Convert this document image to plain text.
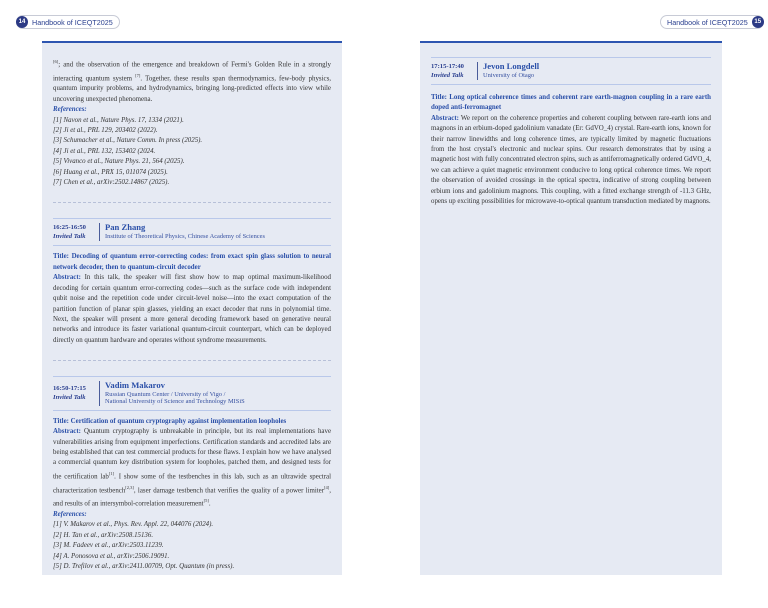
14 Handbook of ICEQT2025	Handbook of ICEQT2025	15

[6]; and the observation of the emergence and breakdown of Fermi's Golden Rule in a strongly interacting quantum system [7]. Together, these results span thermodynamics, few-body physics, quantum impurity problems, and hydrodynamics, bringing long-predicted effects into view while uncovering unexpected phenomena.

References:
[1] Navon et al., Nature Phys. 17, 1334 (2021).
[2] Ji et al., PRL 129, 203402 (2022).
[3] Schumacher et al., Nature Comm. In press (2025).
[4] Ji et al., PRL 132, 153402 (2024.
[5] Vivanco et al., Nature Phys. 21, 564 (2025).
[6] Huang et al., PRX 15, 011074 (2025).
[7] Chen et al., arXiv:2502.14867 (2025).
16:25-16:50
Invited Talk
Pan Zhang
Institute of Theoretical Physics, Chinese Academy of Sciences

Title: Decoding of quantum error-correcting codes: from exact spin glass solution to neural network decoder, then to quantum-circuit decoder

Abstract: In this talk, the speaker will first show how to map optimal maximum-likelihood decoding for certain quantum error-correcting codes—such as the surface code with independent qubit noise and the repetition code under circuit-level noise—into the exact computation of the partition function of planar spin glasses, yielding an exact decoder that runs in polynomial time. Next, the speaker will present a more general decoding framework based on generative neural networks and introduce its faster variational quantum-circuit counterpart, which can be deployed directly on quantum hardware and operates without syndrome measurements.

16:50-17:15
Invited Talk
Vadim Makarov
Russian Quantum Center / University of Vigo /
National University of Science and Technology MISiS

Title: Certification of quantum cryptography against implementation loopholes

Abstract: Quantum cryptography is unbreakable in principle, but its real implementations have vulnerabilities arising from equipment imperfections. Certification standards and accredited labs are being established that can test commercial products for these flaws. I explain how we have analysed a commercial quantum key distribution system for loopholes, patched them, and designed tests for the certification lab[1]. I show some of the testbenches in this lab, such as an ultrawide spectral characterization testbench[2,3], laser damage testbench that verifies the quality of a power limiter[4], and results of an intersymbol-correlation measurement[5].

References:
[1] V. Makarov et al., Phys. Rev. Appl. 22, 044076 (2024).
[2] H. Tan et al., arXiv:2508.15136.
[3] M. Fadeev et al., arXiv:2503.11239.
[4] A. Ponosova et al., arXiv:2506.19091.
[5] D. Trefilov et al., arXiv:2411.00709, Opt. Quantum (in press).
17:15-17:40
Invited Talk
Jevon Longdell
University of Otago

Title: Long optical coherence times and coherent rare earth-magnon coupling in a rare earth doped anti-ferromagnet

Abstract: We report on the coherence properties and coherent coupling between rare-earth ions and magnons in an erbium-doped gadolinium vanadate (Er: GdVO_4) crystal. Rare-earth ions, known for their narrow linewidths and long coherence times, are typically limited by magnetic fluctuations from the host crystal's electronic and nuclear spins. Our research demonstrates that by using a magnetic host with fully concentrated electron spins, such as antiferromagnetically ordered GdVO_4, we can achieve a quiet magnetic environment conducive to long optical coherence times. We report the observation of avoided crossings in the optical spectra, indicative of strong coupling between erbium ions and gadolinium magnons. This coupling, with a fitted exchange strength of -11.3 GHz, opens up exciting possibilities for microwave-to-optical quantum transduction mediated by magnons.
